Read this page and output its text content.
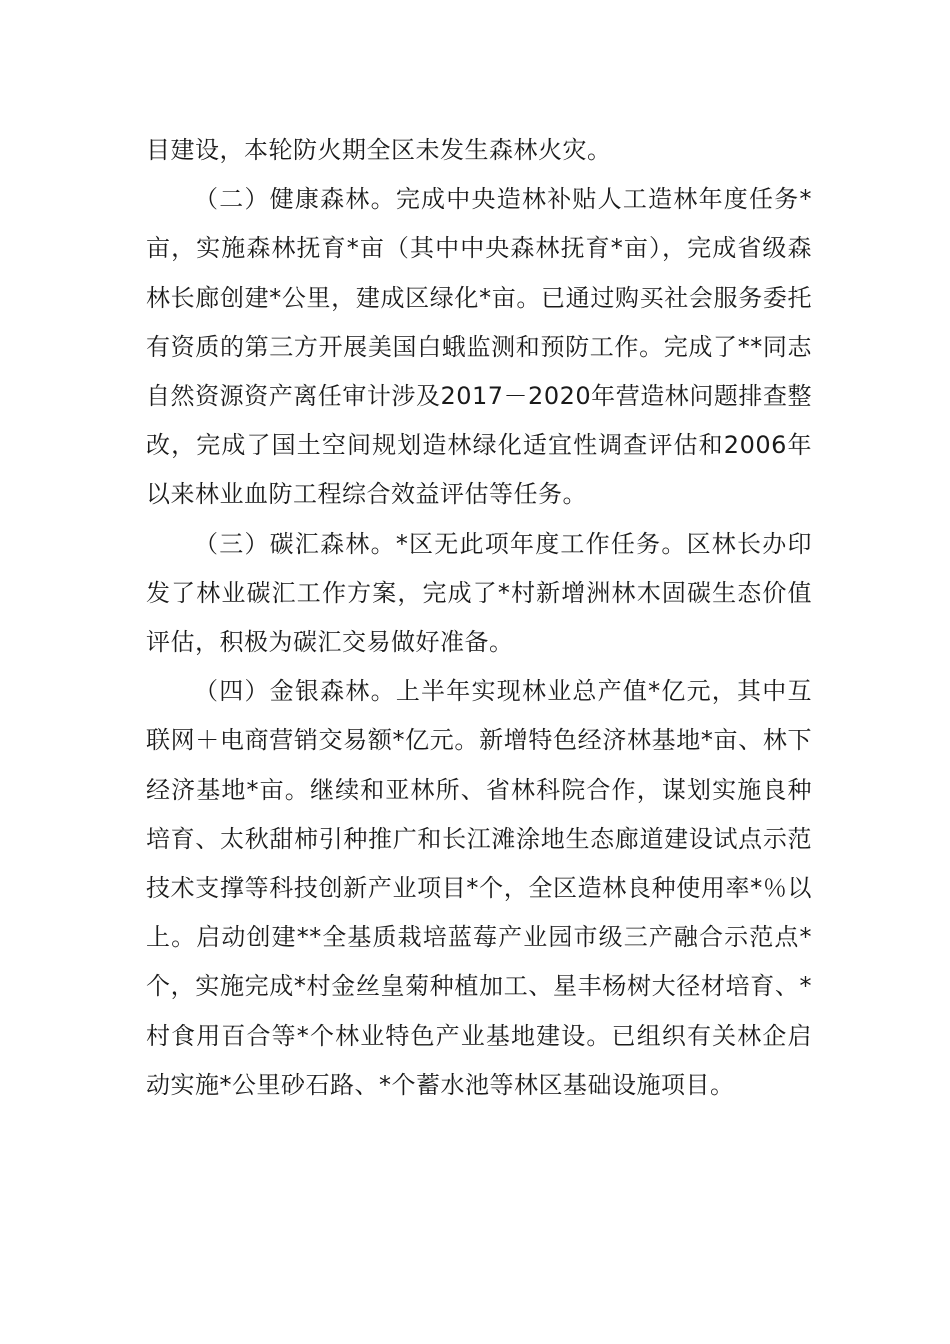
目建设，本轮防火期全区未发生森林火灾。

（二）健康森林。完成中央造林补贴人工造林年度任务*亩，实施森林抚育*亩（其中中央森林抚育*亩），完成省级森林长廊创建*公里，建成区绿化*亩。已通过购买社会服务委托有资质的第三方开展美国白蛾监测和预防工作。完成了**同志自然资源资产离任审计涉及2017－2020年营造林问题排查整改，完成了国土空间规划造林绿化适宜性调查评估和2006年以来林业血防工程综合效益评估等任务。

（三）碳汇森林。*区无此项年度工作任务。区林长办印发了林业碳汇工作方案，完成了*村新增洲林木固碳生态价值评估，积极为碳汇交易做好准备。

（四）金银森林。上半年实现林业总产值*亿元，其中互联网＋电商营销交易额*亿元。新增特色经济林基地*亩、林下经济基地*亩。继续和亚林所、省林科院合作，谋划实施良种培育、太秋甜柿引种推广和长江滩涂地生态廊道建设试点示范技术支撑等科技创新产业项目*个，全区造林良种使用率*％以上。启动创建**全基质栽培蓝莓产业园市级三产融合示范点*个，实施完成*村金丝皇菊种植加工、星丰杨树大径材培育、*村食用百合等*个林业特色产业基地建设。已组织有关林企启动实施*公里砂石路、*个蓄水池等林区基础设施项目。
